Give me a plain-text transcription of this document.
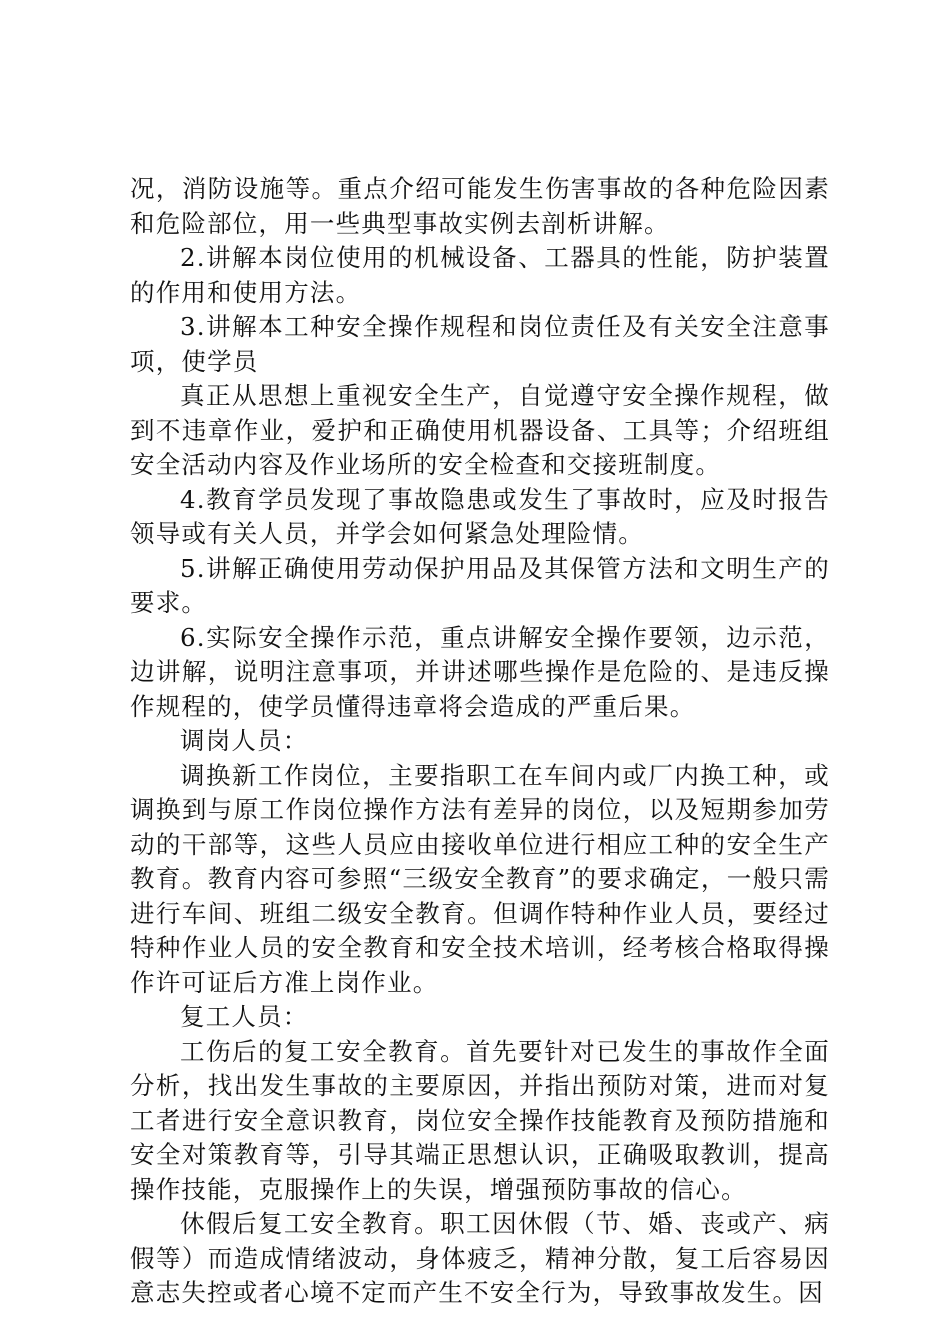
况，消防设施等。重点介绍可能发生伤害事故的各种危险因素和危险部位，用一些典型事故实例去剖析讲解。

2.讲解本岗位使用的机械设备、工器具的性能，防护装置的作用和使用方法。

3.讲解本工种安全操作规程和岗位责任及有关安全注意事项，使学员

真正从思想上重视安全生产，自觉遵守安全操作规程，做到不违章作业，爱护和正确使用机器设备、工具等；介绍班组安全活动内容及作业场所的安全检查和交接班制度。

4.教育学员发现了事故隐患或发生了事故时，应及时报告领导或有关人员，并学会如何紧急处理险情。

5.讲解正确使用劳动保护用品及其保管方法和文明生产的要求。

6.实际安全操作示范，重点讲解安全操作要领，边示范，边讲解，说明注意事项，并讲述哪些操作是危险的、是违反操作规程的，使学员懂得违章将会造成的严重后果。

调岗人员：

调换新工作岗位，主要指职工在车间内或厂内换工种，或调换到与原工作岗位操作方法有差异的岗位，以及短期参加劳动的干部等，这些人员应由接收单位进行相应工种的安全生产教育。教育内容可参照“三级安全教育”的要求确定，一般只需进行车间、班组二级安全教育。但调作特种作业人员，要经过特种作业人员的安全教育和安全技术培训，经考核合格取得操作许可证后方准上岗作业。

复工人员：

工伤后的复工安全教育。首先要针对已发生的事故作全面分析，找出发生事故的主要原因，并指出预防对策，进而对复工者进行安全意识教育，岗位安全操作技能教育及预防措施和安全对策教育等，引导其端正思想认识，正确吸取教训，提高操作技能，克服操作上的失误，增强预防事故的信心。

休假后复工安全教育。职工因休假（节、婚、丧或产、病假等）而造成情绪波动，身体疲乏，精神分散，复工后容易因意志失控或者心境不定而产生不安全行为，导致事故发生。因
